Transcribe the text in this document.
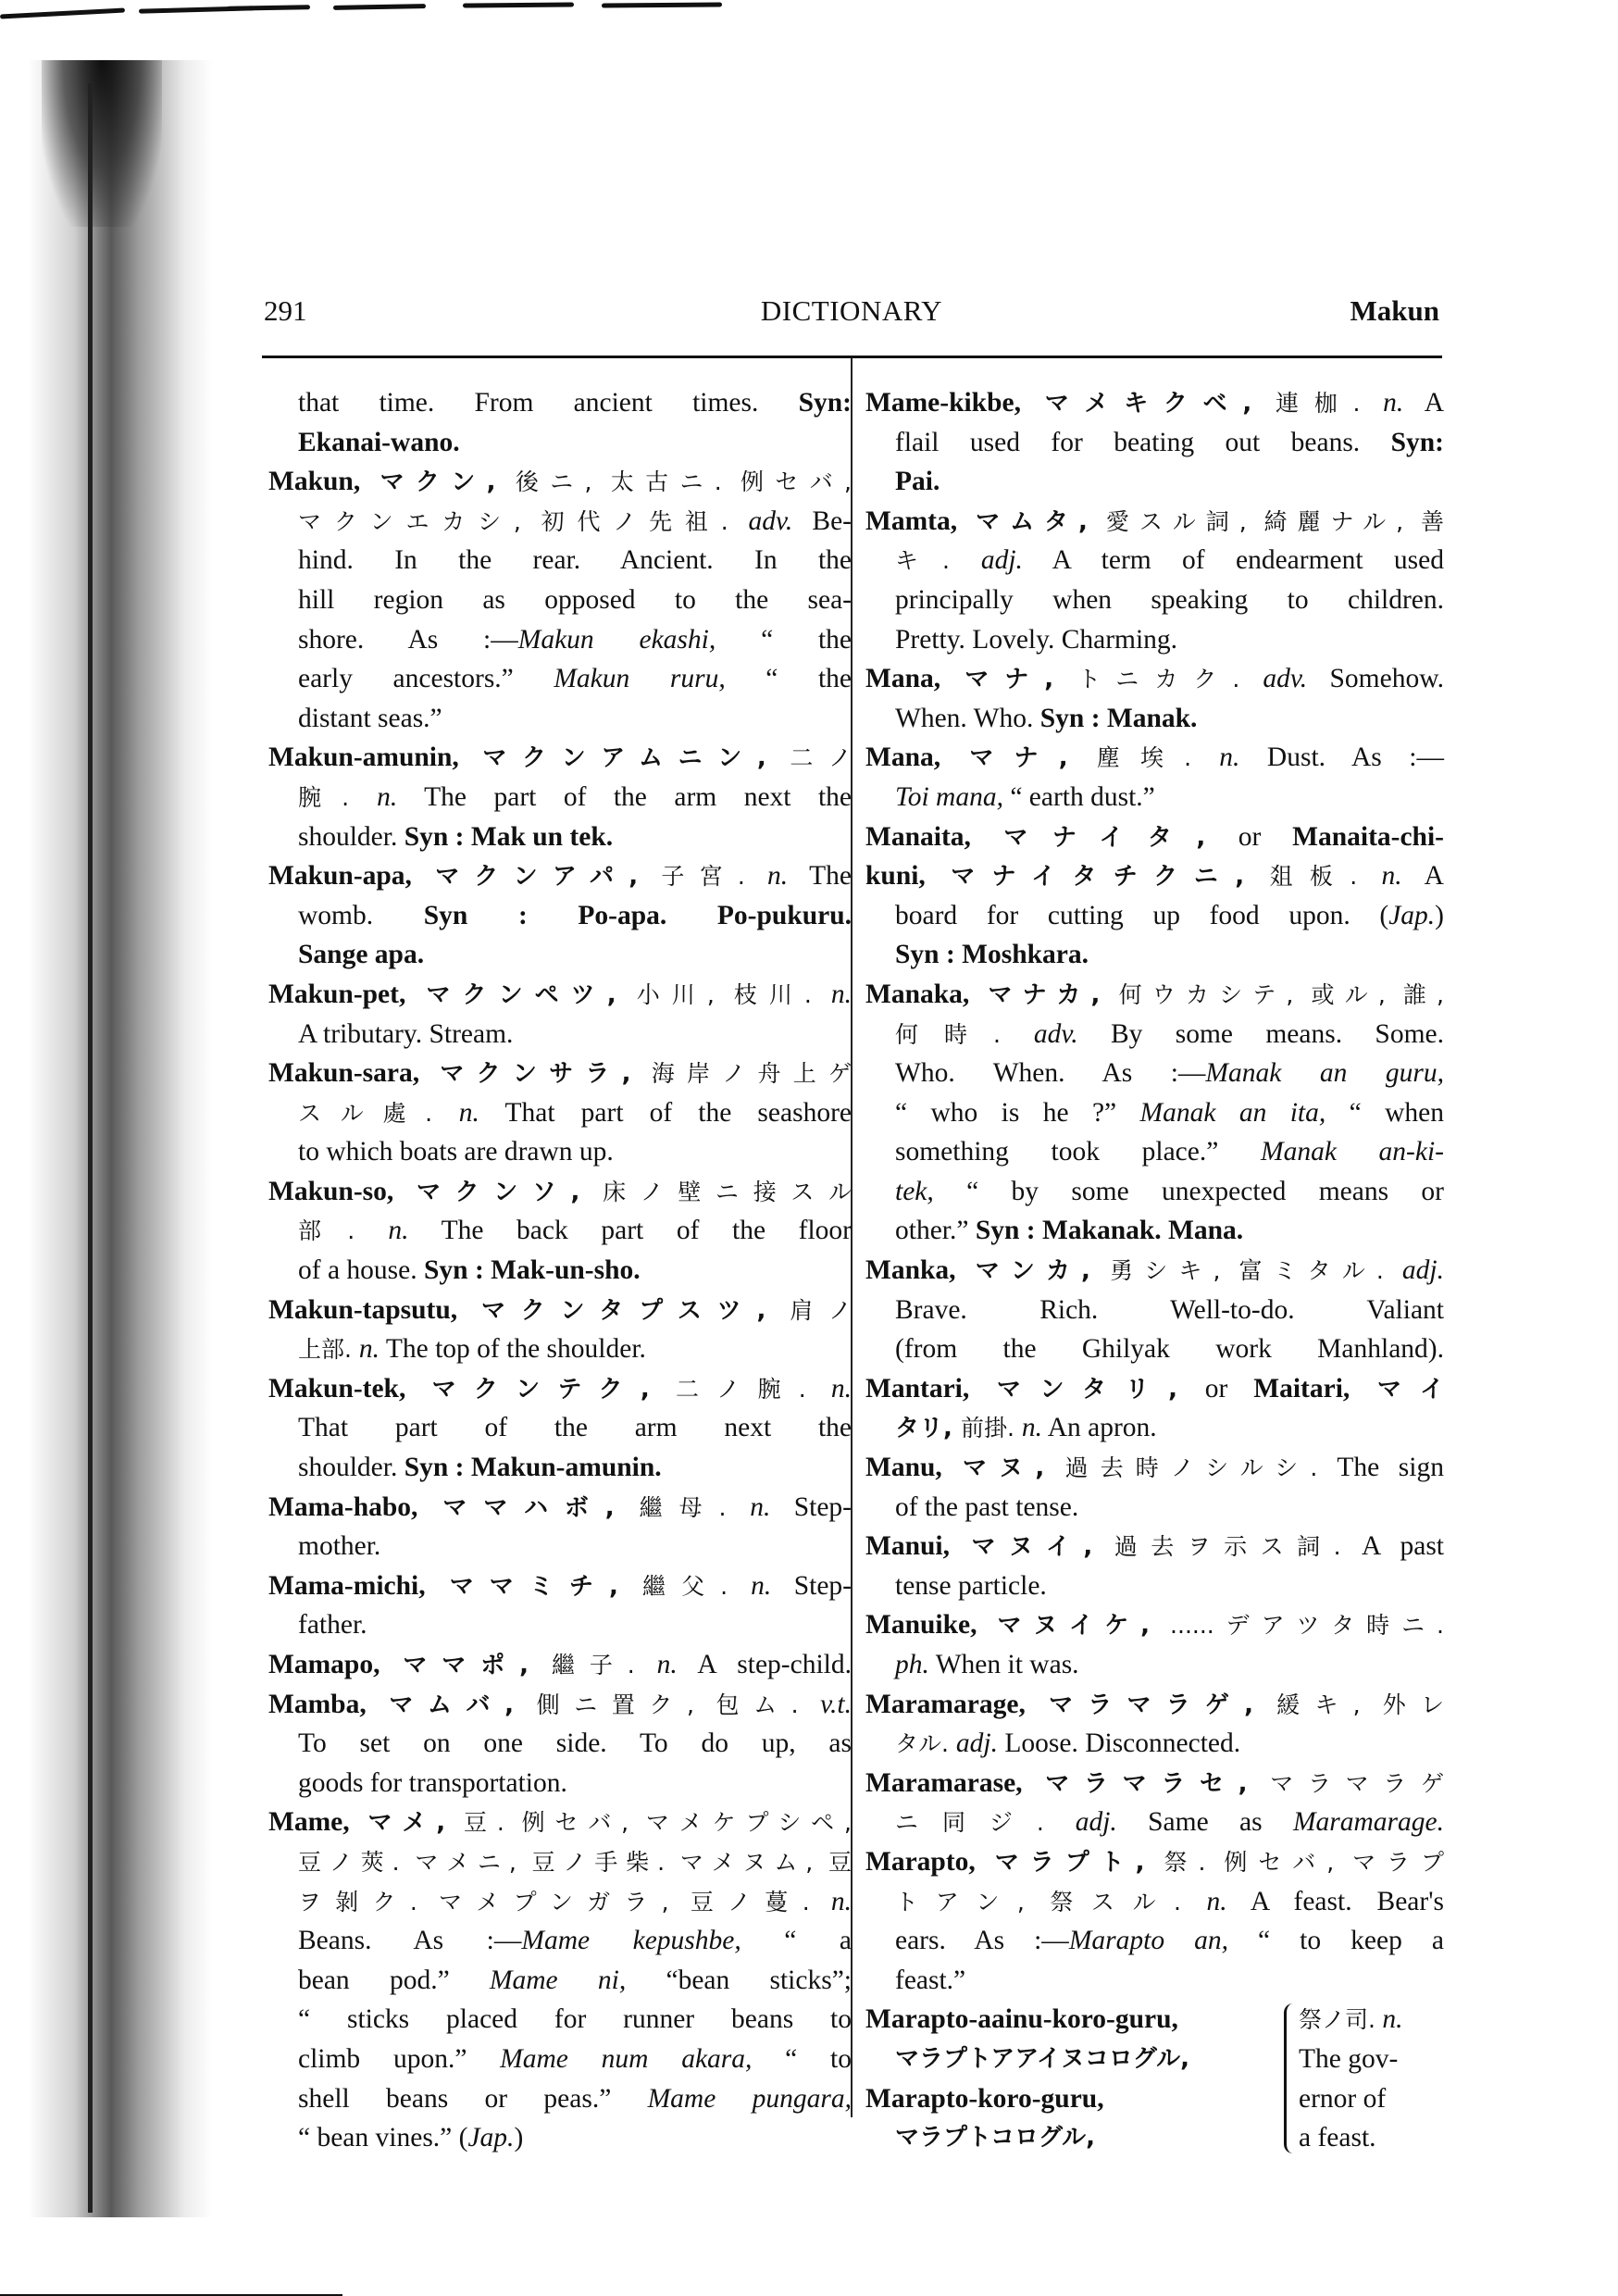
291	DICTIONARY	Makun
that time. From ancient times. Syn:
Ekanai-wano.
Makun, マクン, 後ニ, 太古ニ. 例セバ,
マクンエカシ, 初代ノ先祖. adv. Be-
hind. In the rear. Ancient. In the
hill region as opposed to the sea-
shore. As :—Makun ekashi, “ the
early ancestors.” Makun ruru, “ the
distant seas.”
Makun-amunin, マクンアムニン, 二ノ
腕. n. The part of the arm next the
shoulder. Syn : Mak un tek.
Makun-apa, マクンアパ, 子宮. n. The
womb. Syn : Po-apa. Po-pukuru.
Sange apa.
Makun-pet, マクンペツ, 小川, 枝川. n.
A tributary. Stream.
Makun-sara, マクンサラ, 海岸ノ舟上ゲ
スル處. n. That part of the seashore
to which boats are drawn up.
Makun-so, マクンソ, 床ノ壁ニ接スル
部. n. The back part of the floor
of a house. Syn : Mak-un-sho.
Makun-tapsutu, マクンタプスツ, 肩ノ
上部. n. The top of the shoulder.
Makun-tek, マクンテク, 二ノ腕. n.
That part of the arm next the
shoulder. Syn : Makun-amunin.
Mama-habo, ママハボ, 繼母. n. Step-
mother.
Mama-michi, ママミチ, 繼父. n. Step-
father.
Mamapo, ママポ, 繼子. n. A step-child.
Mamba, マムバ, 側ニ置ク, 包ム. v.t.
To set on one side. To do up, as
goods for transportation.
Mame, マメ, 豆. 例セバ, マメケプシペ,
豆ノ莢. マメニ, 豆ノ手柴. マメヌム, 豆
ヲ剝ク. マメプンガラ, 豆ノ蔓. n.
Beans. As :—Mame kepushbe, “ a
bean pod.” Mame ni, “bean sticks”;
“ sticks placed for runner beans to
climb upon.” Mame num akara, “ to
shell beans or peas.” Mame pungara,
“ bean vines.” (Jap.)
Mame-kikbe, マメキクベ, 連枷. n. A
flail used for beating out beans. Syn:
Pai.
Mamta, マムタ, 愛スル詞, 綺麗ナル, 善
キ. adj. A term of endearment used
principally when speaking to children.
Pretty. Lovely. Charming.
Mana, マナ, トニカク. adv. Somehow.
When. Who. Syn : Manak.
Mana, マナ, 塵埃. n. Dust. As :—
Toi mana, “ earth dust.”
Manaita, マナイタ, or Manaita-chi-
kuni, マナイタチクニ, 爼板. n. A
board for cutting up food upon. (Jap.)
Syn : Moshkara.
Manaka, マナカ, 何ウカシテ, 或ル, 誰,
何時. adv. By some means. Some.
Who. When. As :—Manak an guru,
“ who is he ?” Manak an ita, “ when
something took place.” Manak an-ki-
tek, “ by some unexpected means or
other.” Syn : Makanak. Mana.
Manka, マンカ, 勇シキ, 富ミタル. adj.
Brave. Rich. Well-to-do. Valiant
(from the Ghilyak work Manhland).
Mantari, マンタリ, or Maitari, マイ
タリ, 前掛. n. An apron.
Manu, マヌ, 過去時ノシルシ. The sign
of the past tense.
Manui, マヌイ, 過去ヲ示ス詞. A past
tense particle.
Manuike, マヌイケ, ......デアツタ時ニ.
ph. When it was.
Maramarage, マラマラゲ, 緩キ, 外レ
タル. adj. Loose. Disconnected.
Maramarase, マラマラセ, マラマラゲ
ニ同ジ. adj. Same as Maramarage.
Marapto, マラプト, 祭. 例セバ, マラプ
トアン, 祭スル. n. A feast. Bear's
ears. As :—Marapto an, “ to keep a
feast.”
Marapto-aainu-koro-guru,
マラプトアアイヌコログル,
Marapto-koro-guru,
マラプトコログル,
祭ノ司. n.
The gov-
ernor of
a feast.
